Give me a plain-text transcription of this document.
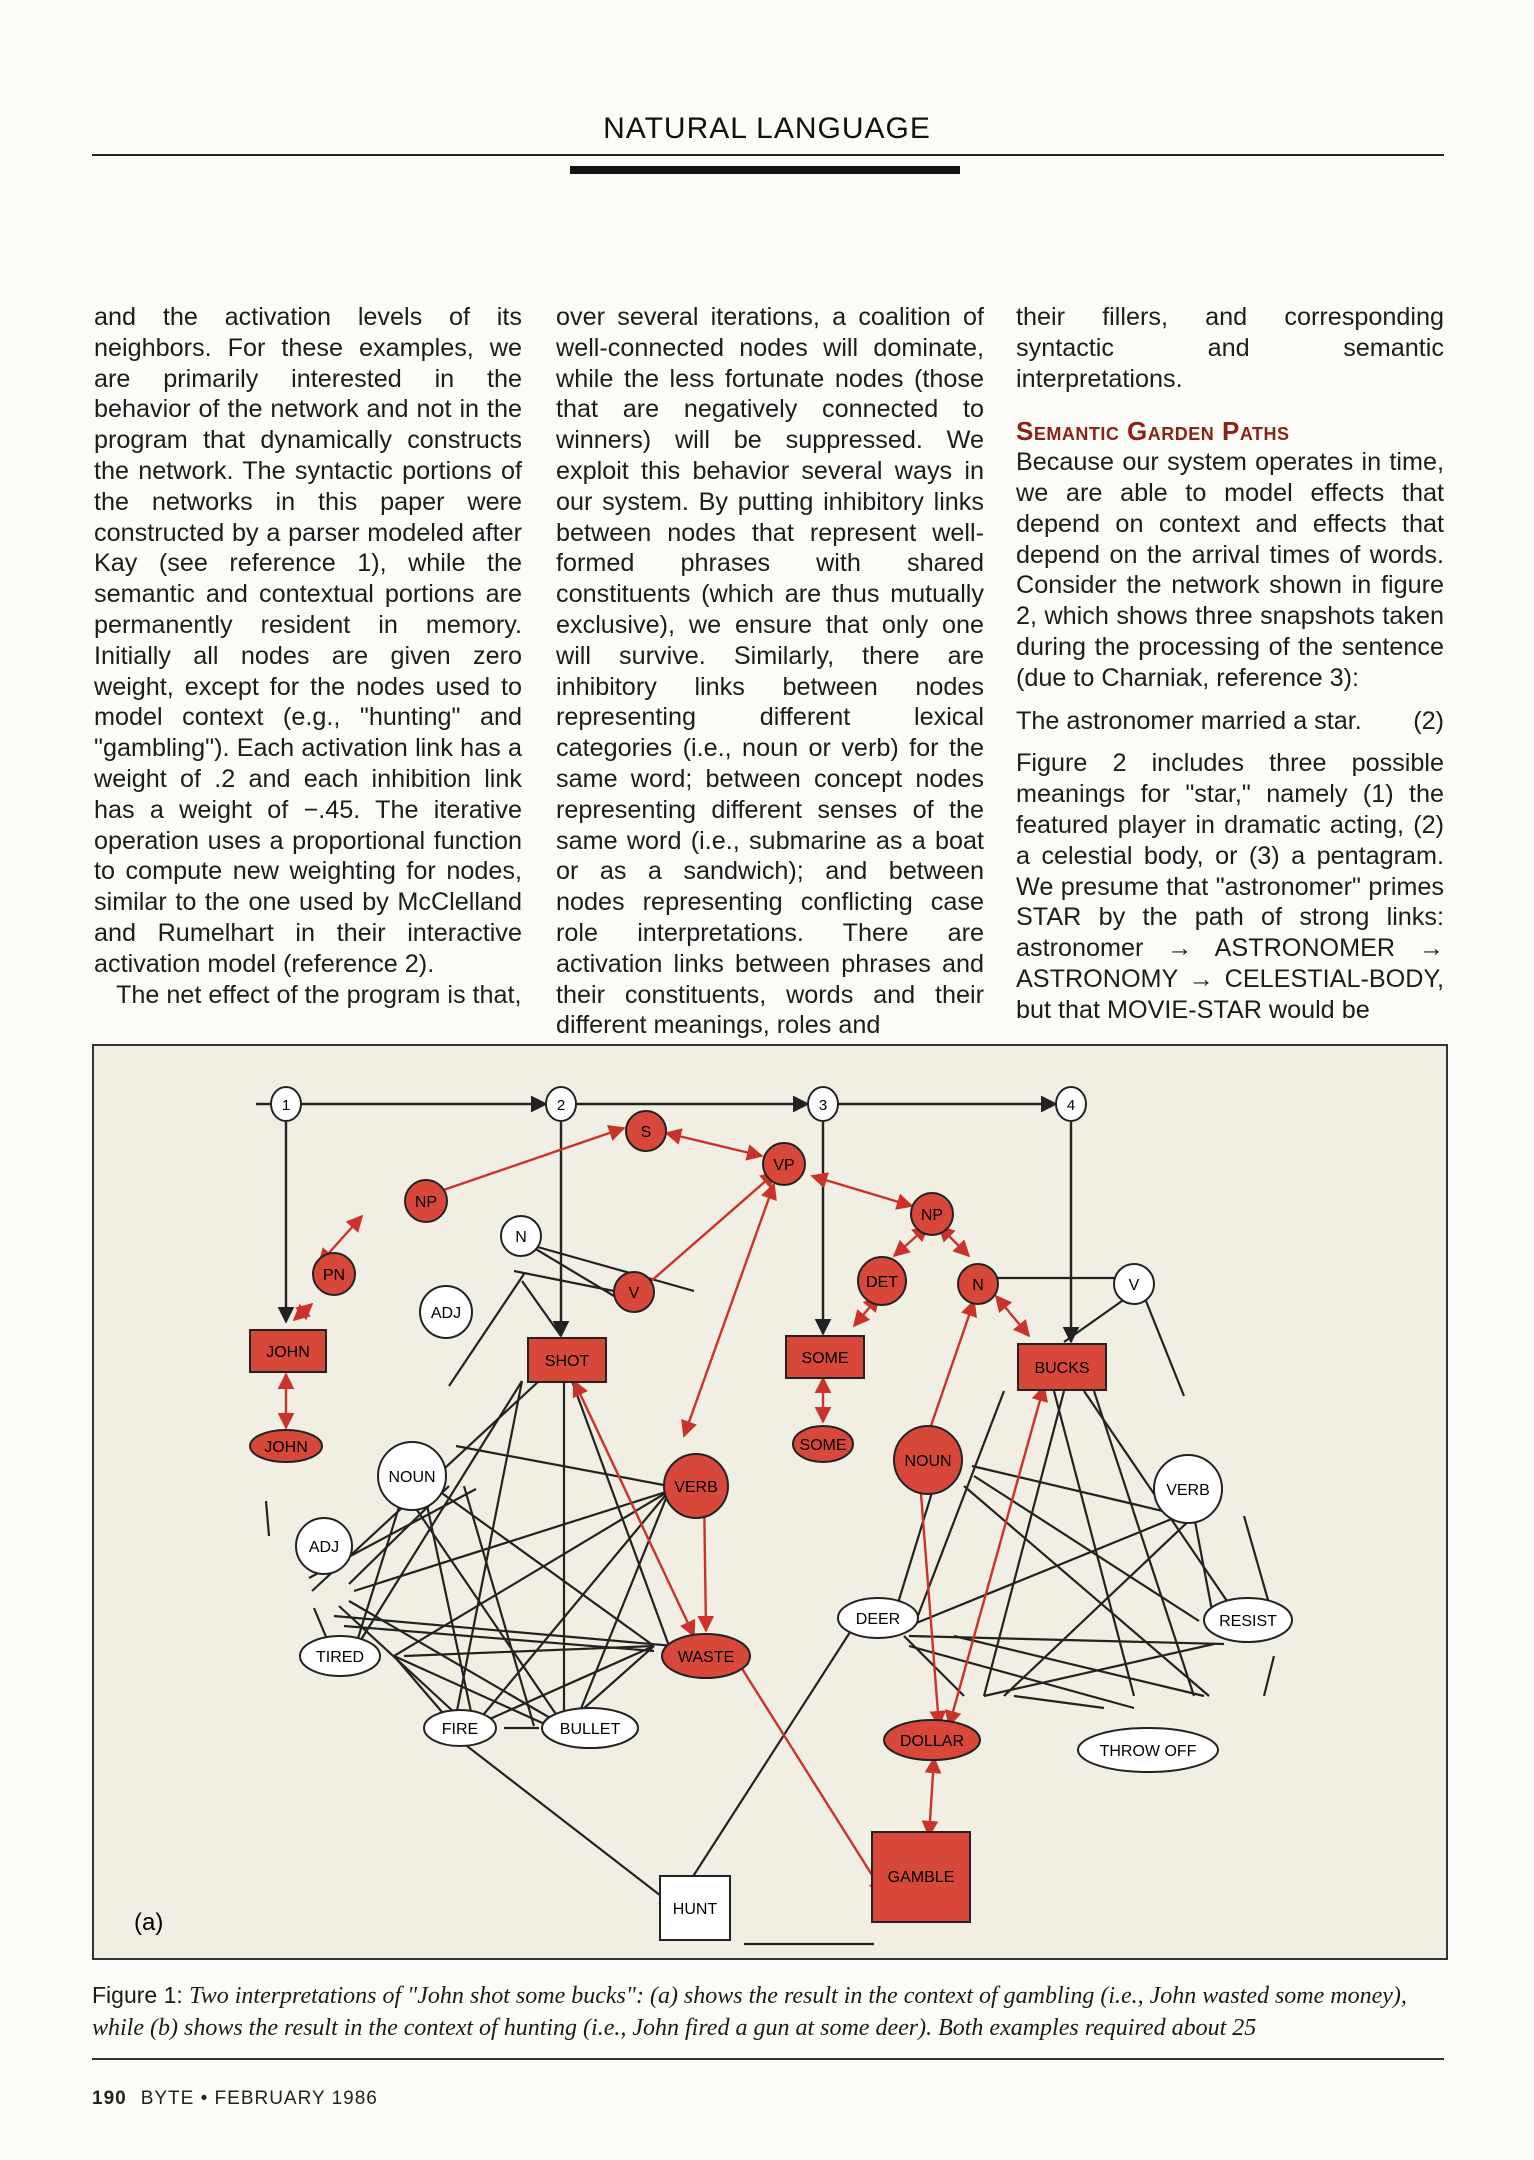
NATURAL LANGUAGE

and the activation levels of its neighbors. For these examples, we are primarily interested in the behavior of the network and not in the program that dynamically constructs the network. The syntactic portions of the networks in this paper were constructed by a parser modeled after Kay (see reference 1), while the semantic and contextual portions are permanently resident in memory. Initially all nodes are given zero weight, except for the nodes used to model context (e.g., "hunting" and "gambling"). Each activation link has a weight of .2 and each inhibition link has a weight of −.45. The iterative operation uses a proportional function to compute new weighting for nodes, similar to the one used by McClelland and Rumelhart in their interactive activation model (reference 2).

The net effect of the program is that,

over several iterations, a coalition of well-connected nodes will dominate, while the less fortunate nodes (those that are negatively connected to winners) will be suppressed. We exploit this behavior several ways in our system. By putting inhibitory links between nodes that represent well-formed phrases with shared constituents (which are thus mutually exclusive), we ensure that only one will survive. Similarly, there are inhibitory links between nodes representing different lexical categories (i.e., noun or verb) for the same word; between concept nodes representing different senses of the same word (i.e., submarine as a boat or as a sandwich); and between nodes representing conflicting case role interpretations. There are activation links between phrases and their constituents, words and their different meanings, roles and

their fillers, and corresponding syntactic and semantic interpretations.

Semantic Garden Paths

Because our system operates in time, we are able to model effects that depend on context and effects that depend on the arrival times of words. Consider the network shown in figure 2, which shows three snapshots taken during the processing of the sentence (due to Charniak, reference 3):

The astronomer married a star. (2)

Figure 2 includes three possible meanings for "star," namely (1) the featured player in dramatic acting, (2) a celestial body, or (3) a pentagram. We presume that "astronomer" primes STAR by the path of strong links: astronomer → ASTRONOMER → ASTRONOMY → CELESTIAL-BODY, but that MOVIE-STAR would be

1	2	3	4
S
VP
NP
PN
NP
DET	N
N
V	V
ADJ
JOHN
SHOT	SOME
BUCKS
JOHN	SOME
NOUN
VERB
ADJ
TIRED
FIRE	BULLET
WASTE
NOUN
VERB
DEER	RESIST
DOLLAR
THROW OFF
HUNT
GAMBLE
(a)
Figure 1: Two interpretations of "John shot some bucks": (a) shows the result in the context of gambling (i.e., John wasted some money), while (b) shows the result in the context of hunting (i.e., John fired a gun at some deer). Both examples required about 25
190 BYTE • FEBRUARY 1986
